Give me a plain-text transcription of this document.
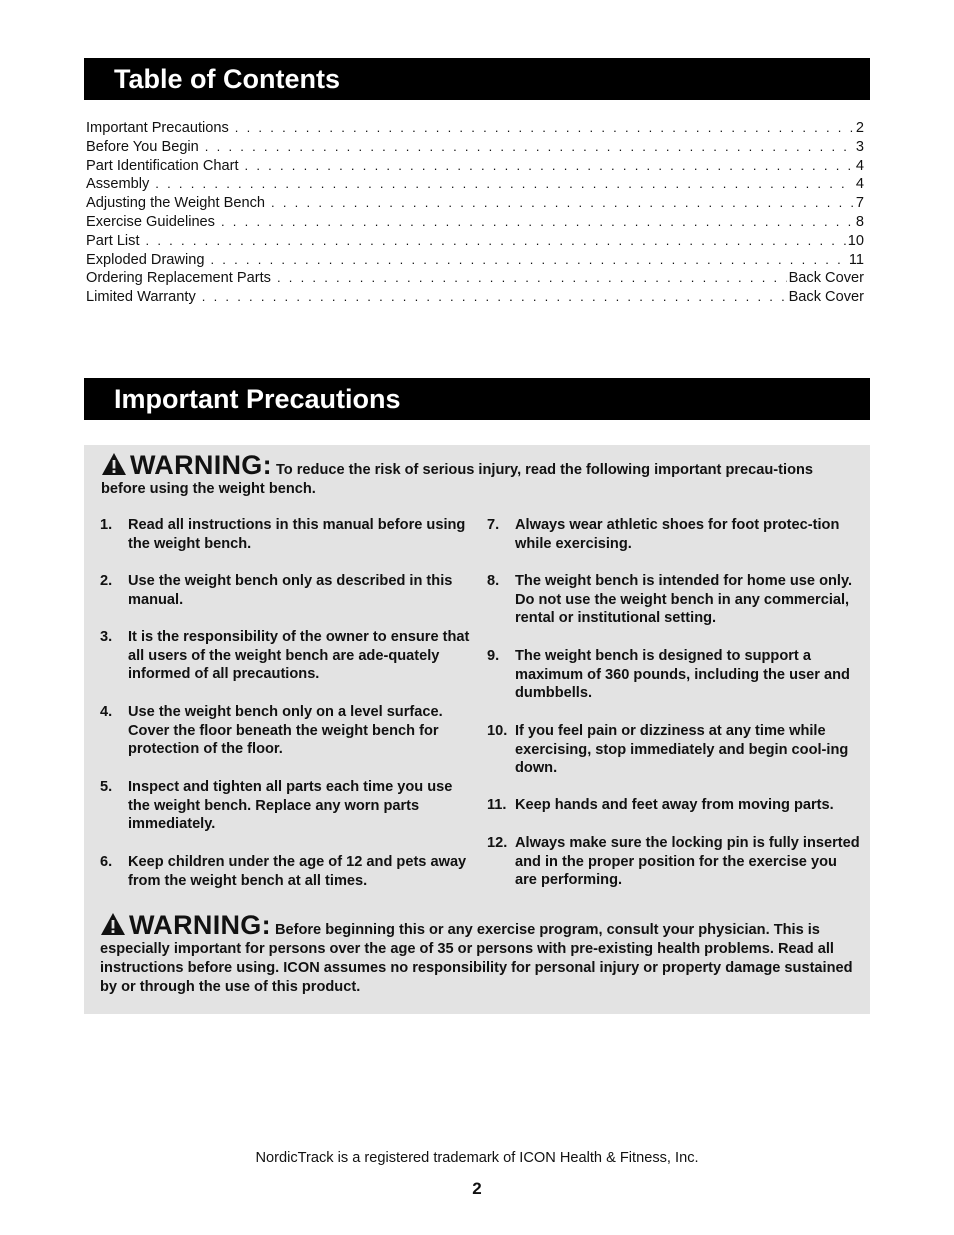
Table of Contents
Important Precautions . . .	2
Before You Begin . . .	3
Part Identification Chart . . .	4
Assembly . . .	4
Adjusting the Weight Bench . . .	7
Exercise Guidelines . . .	8
Part List . . .	10
Exploded Drawing . . .	11
Ordering Replacement Parts . . .	Back Cover
Limited Warranty . . .	Back Cover
Important Precautions
WARNING: To reduce the risk of serious injury, read the following important precau-tions before using the weight bench.
1.	Read all instructions in this manual before using the weight bench.
2.	Use the weight bench only as described in this manual.
3.	It is the responsibility of the owner to ensure that all users of the weight bench are ade-quately informed of all precautions.
4.	Use the weight bench only on a level surface. Cover the floor beneath the weight bench for protection of the floor.
5.	Inspect and tighten all parts each time you use the weight bench. Replace any worn parts immediately.
6.	Keep children under the age of 12 and pets away from the weight bench at all times.
7.	Always wear athletic shoes for foot protec-tion while exercising.
8.	The weight bench is intended for home use only. Do not use the weight bench in any commercial, rental or institutional setting.
9.	The weight bench is designed to support a maximum of 360 pounds, including the user and dumbbells.
10. If you feel pain or dizziness at any time while exercising, stop immediately and begin cool-ing down.
11. Keep hands and feet away from moving parts.
12. Always make sure the locking pin is fully inserted and in the proper position for the exercise you are performing.
WARNING: Before beginning this or any exercise program, consult your physician. This is especially important for persons over the age of 35 or persons with pre-existing health problems. Read all instructions before using. ICON assumes no responsibility for personal injury or property damage sustained by or through the use of this product.
NordicTrack is a registered trademark of ICON Health & Fitness, Inc.
2
